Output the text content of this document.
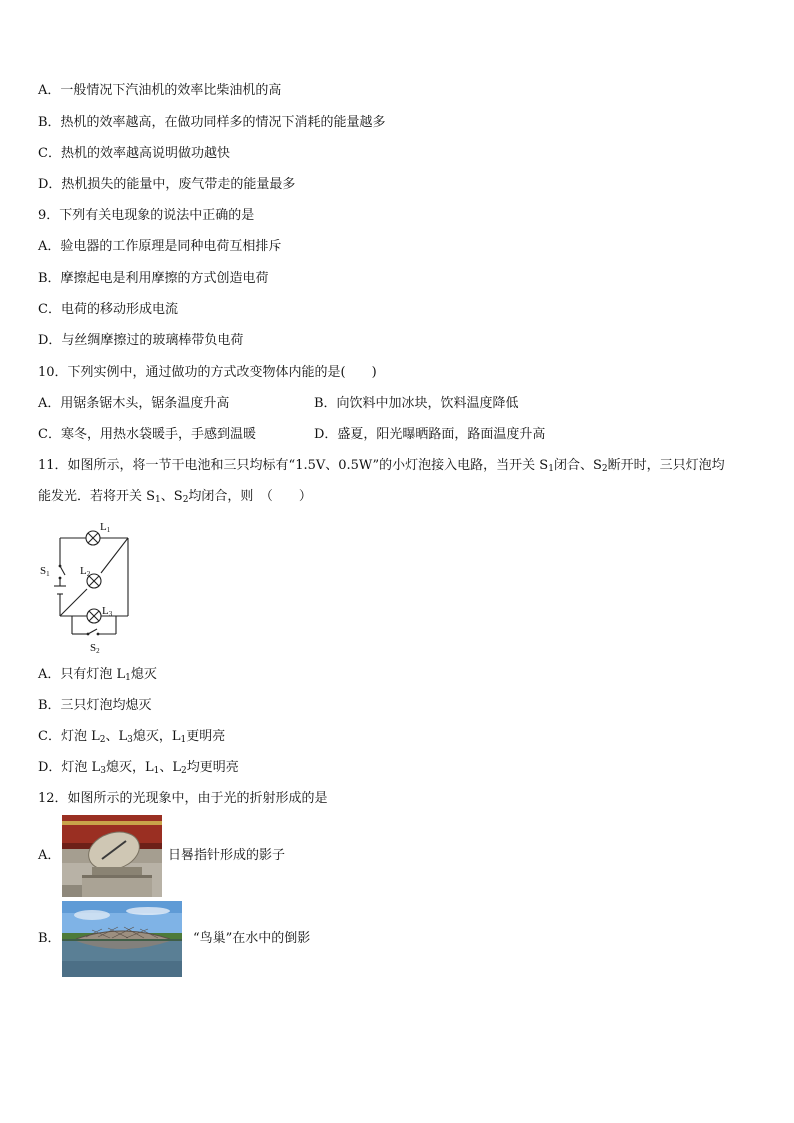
A．一般情况下汽油机的效率比柴油机的高
B．热机的效率越高，在做功同样多的情况下消耗的能量越多
C．热机的效率越高说明做功越快
D．热机损失的能量中，废气带走的能量最多
9．下列有关电现象的说法中正确的是
A．验电器的工作原理是同种电荷互相排斥
B．摩擦起电是利用摩擦的方式创造电荷
C．电荷的移动形成电流
D．与丝绸摩擦过的玻璃棒带负电荷
10．下列实例中，通过做功的方式改变物体内能的是(　　)
A．用锯条锯木头，锯条温度升高	B．向饮料中加冰块，饮料温度降低
C．寒冬，用热水袋暖手，手感到温暖	D．盛夏，阳光曝晒路面，路面温度升高
11．如图所示，将一节干电池和三只均标有“1.5V、0.5W”的小灯泡接入电路，当开关 $S_1$闭合、$S_2$断开时，三只灯泡均
能发光．若将开关 $S_1$、$S_2$均闭合，则　（　　）
L1
L2
L3
S1
S2
A．只有灯泡 $L_1$熄灭
B．三只灯泡均熄灭
C．灯泡 $L_2$、$L_3$熄灭，$L_1$更明亮
D．灯泡 $L_3$熄灭，$L_1$、$L_2$均更明亮
12．如图所示的光现象中，由于光的折射形成的是
A．	日晷指针形成的影子
B．	“鸟巢”在水中的倒影
